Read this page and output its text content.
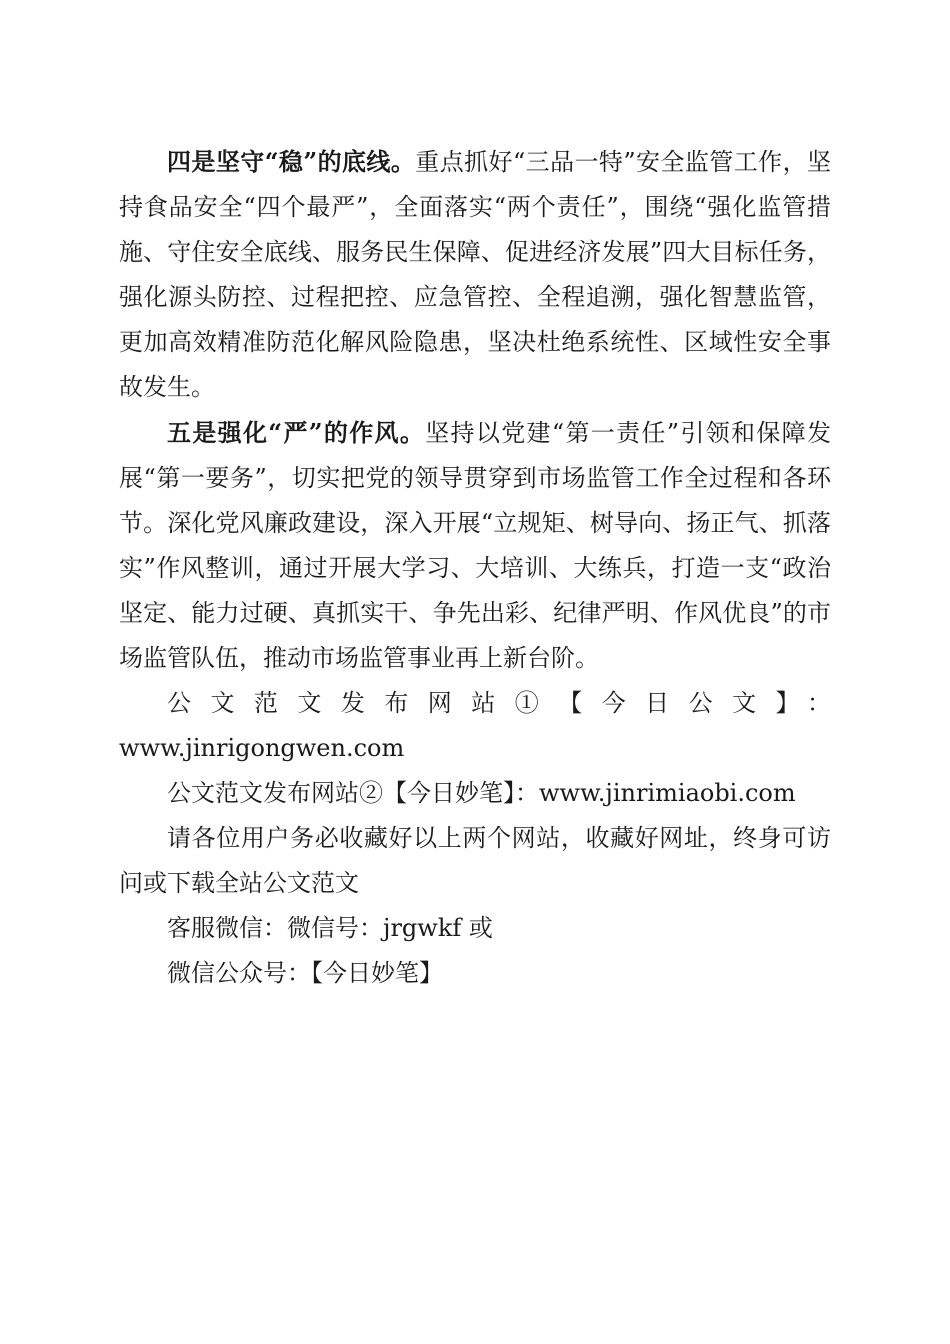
四是坚守“稳”的底线。重点抓好“三品一特”安全监管工作，坚持食品安全“四个最严”，全面落实“两个责任”，围绕“强化监管措施、守住安全底线、服务民生保障、促进经济发展”四大目标任务，强化源头防控、过程把控、应急管控、全程追溯，强化智慧监管，更加高效精准防范化解风险隐患，坚决杜绝系统性、区域性安全事故发生。

五是强化“严”的作风。坚持以党建“第一责任”引领和保障发展“第一要务”，切实把党的领导贯穿到市场监管工作全过程和各环节。深化党风廉政建设，深入开展“立规矩、树导向、扬正气、抓落实”作风整训，通过开展大学习、大培训、大练兵，打造一支“政治坚定、能力过硬、真抓实干、争先出彩、纪律严明、作风优良”的市场监管队伍，推动市场监管事业再上新台阶。

公文范文发布网站①【今日公文】：

www.jinrigongwen.com

公文范文发布网站②【今日妙笔】：www.jinrimiaobi.com

请各位用户务必收藏好以上两个网站，收藏好网址，终身可访问或下载全站公文范文

客服微信：微信号：jrgwkf 或

微信公众号：【今日妙笔】
